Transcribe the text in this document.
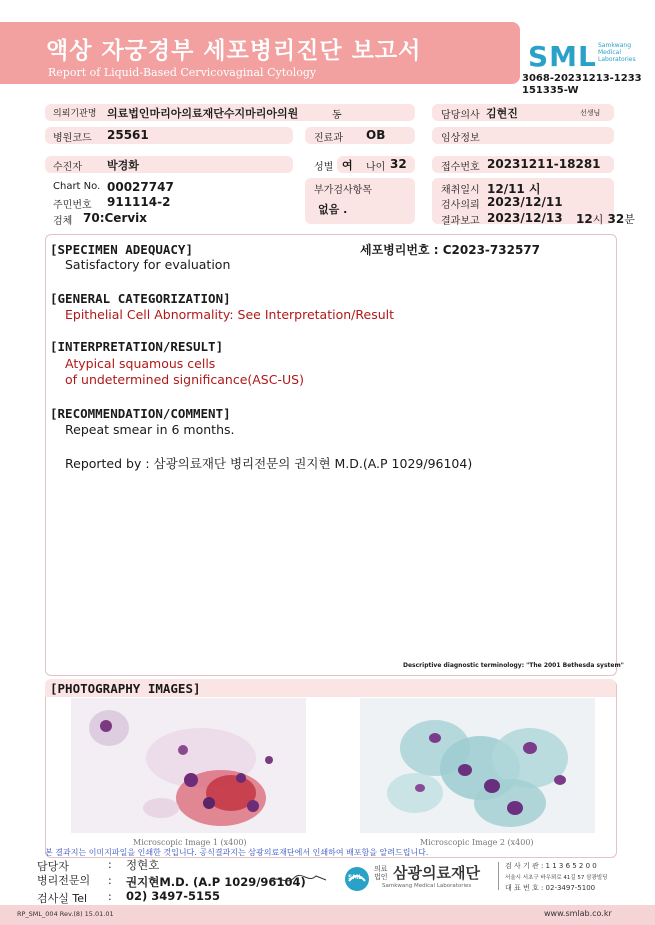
액상 자궁경부 세포병리진단 보고서
Report of Liquid-Based Cervicovaginal Cytology	SML Samkwang Medical Laboratories
3068-20231213-1233
151335-W
의뢰기관명 의료법인마리아의료재단수지마리아의원	동	담당의사 김현진	선생님
병원코드 25561	진료과 OB	임상정보
수진자 박경화	성별 여 나이 32	접수번호 20231211-18281
Chart No. 00027747
주민번호 911114-2
검체 70:Cervix
부가검사항목
없음 .
채취일시 12/11 시
검사의뢰 2023/12/11
결과보고 2023/12/13 12시 32분
[SPECIMEN ADEQUACY]	세포병리번호 : C2023-732577
Satisfactory for evaluation
[GENERAL CATEGORIZATION]
Epithelial Cell Abnormality: See Interpretation/Result
[INTERPRETATION/RESULT]
Atypical squamous cells
of undetermined significance(ASC-US)
[RECOMMENDATION/COMMENT]
Repeat smear in 6 months.
Reported by : 삼광의료재단 병리전문의 권지현 M.D.(A.P 1029/96104)
Descriptive diagnostic terminology: "The 2001 Bethesda system"
[PHOTOGRAPHY IMAGES]
Microscopic Image 1 (x400)	Microscopic Image 2 (x400)
본 결과지는 이미지파일을 인쇄한 것입니다. 공식결과지는 삼광의료재단에서 인쇄하여 배포함을 알려드립니다.
담당자	: 정현호
병리전문의 : 권지현M.D. (A.P 1029/96104)
검사실 Tel : 02) 3497-5155
SML
의료법인 삼광의료재단
Samkwang Medical Laboratories
검 사 기 관 : 1 1 3 6 5 2 0 0
서울시 서초구 바우뫼로 41길 57 삼광빌딩
대 표 번 호 : 02-3497-5100
RP_SML_004 Rev.(8) 15.01.01	www.smlab.co.kr
